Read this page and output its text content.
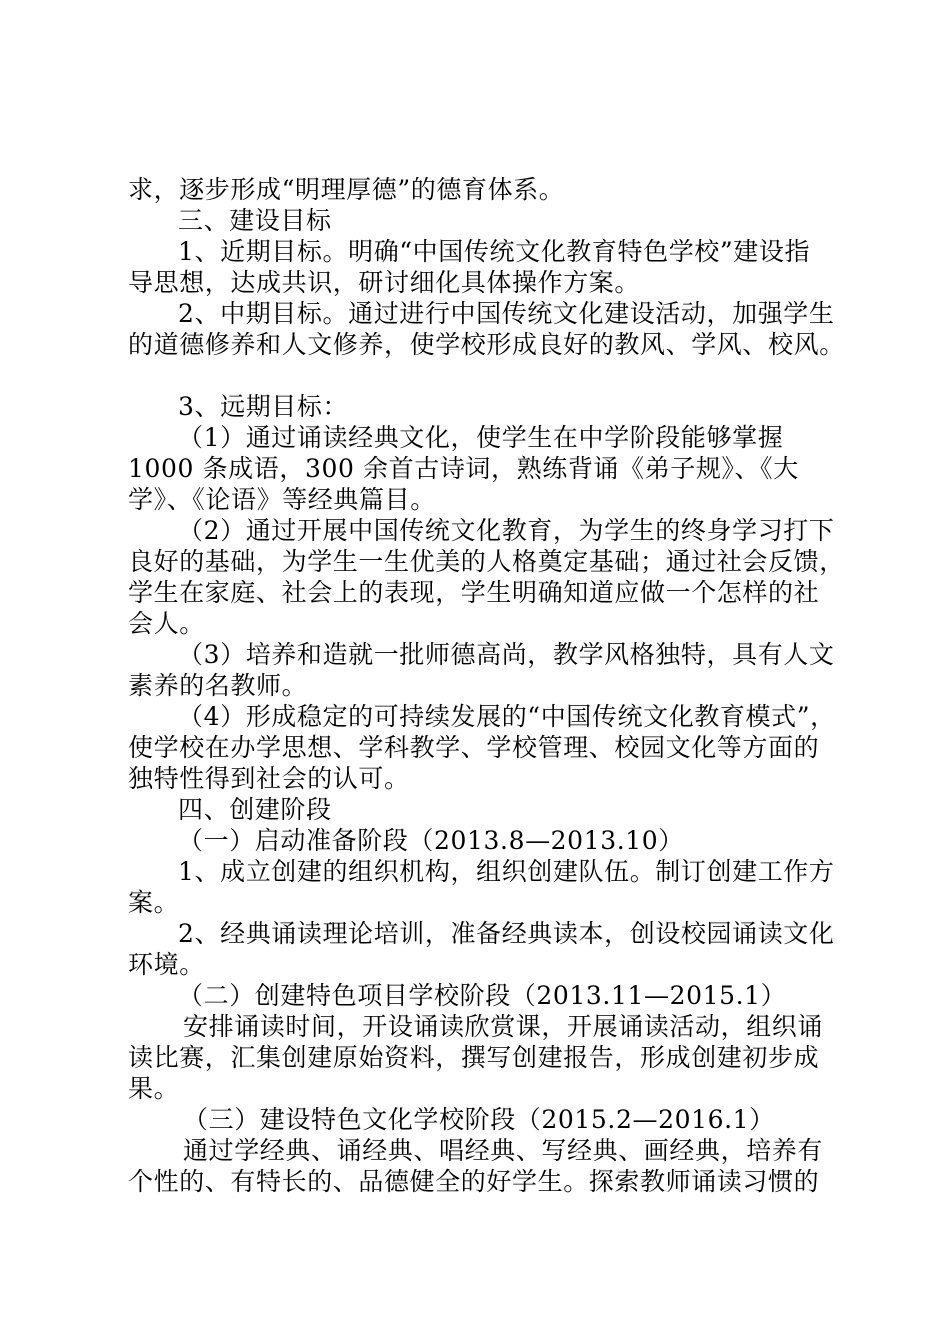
求，逐步形成“明理厚德”的德育体系。
三、建设目标
1、近期目标。明确“中国传统文化教育特色学校”建设指
导思想，达成共识，研讨细化具体操作方案。
2、中期目标。通过进行中国传统文化建设活动，加强学生
的道德修养和人文修养，使学校形成良好的教风、学风、校风。
3、远期目标：
（1）通过诵读经典文化，使学生在中学阶段能够掌握
1000 条成语，300 余首古诗词，熟练背诵《弟子规》、《大
学》、《论语》等经典篇目。
（2）通过开展中国传统文化教育，为学生的终身学习打下
良好的基础，为学生一生优美的人格奠定基础；通过社会反馈，
学生在家庭、社会上的表现，学生明确知道应做一个怎样的社
会人。
（3）培养和造就一批师德高尚，教学风格独特，具有人文
素养的名教师。
（4）形成稳定的可持续发展的“中国传统文化教育模式”，
使学校在办学思想、学科教学、学校管理、校园文化等方面的
独特性得到社会的认可。
四、创建阶段
（一）启动准备阶段（2013.8—2013.10）
1、成立创建的组织机构，组织创建队伍。制订创建工作方
案。
2、经典诵读理论培训，准备经典读本，创设校园诵读文化
环境。
（二）创建特色项目学校阶段（2013.11—2015.1）
安排诵读时间，开设诵读欣赏课，开展诵读活动，组织诵
读比赛，汇集创建原始资料，撰写创建报告，形成创建初步成
果。
（三）建设特色文化学校阶段（2015.2—2016.1）
通过学经典、诵经典、唱经典、写经典、画经典，培养有
个性的、有特长的、品德健全的好学生。探索教师诵读习惯的
